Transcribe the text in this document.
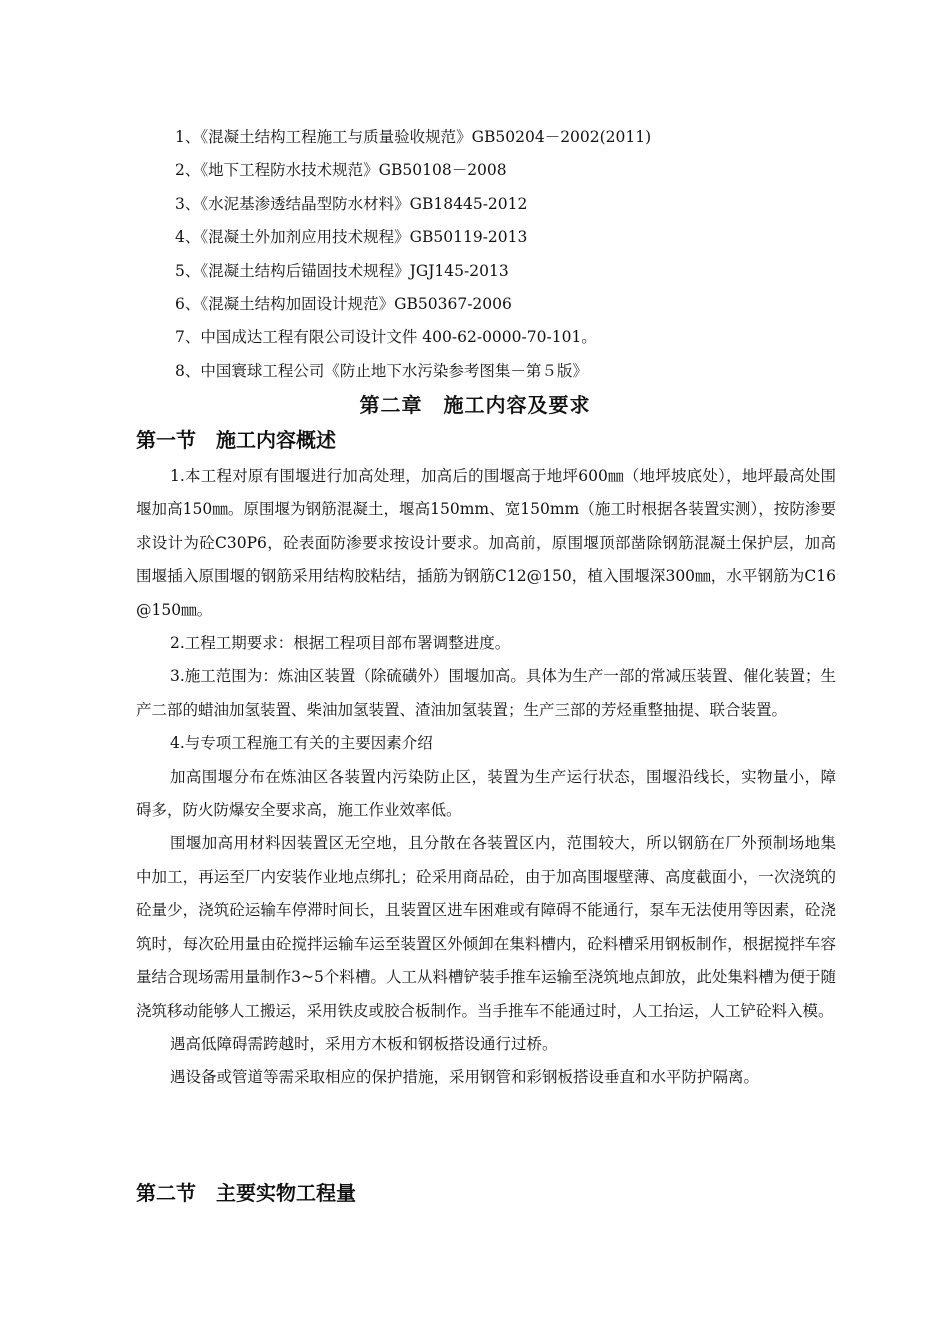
1、《混凝土结构工程施工与质量验收规范》GB50204－2002(2011)
2、《地下工程防水技术规范》GB50108－2008
3、《水泥基渗透结晶型防水材料》GB18445-2012
4、《混凝土外加剂应用技术规程》GB50119-2013
5、《混凝土结构后锚固技术规程》JGJ145-2013
6、《混凝土结构加固设计规范》GB50367-2006
7、中国成达工程有限公司设计文件 400-62-0000-70-101。
8、中国寰球工程公司《防止地下水污染参考图集－第５版》
第二章　施工内容及要求
第一节　施工内容概述

1.本工程对原有围堰进行加高处理，加高后的围堰高于地坪600㎜（地坪坡底处），地坪最高处围堰加高150㎜。原围堰为钢筋混凝土，堰高150mm、宽150mm（施工时根据各装置实测），按防渗要求设计为砼C30P6，砼表面防渗要求按设计要求。加高前，原围堰顶部凿除钢筋混凝土保护层，加高围堰插入原围堰的钢筋采用结构胶粘结，插筋为钢筋C12@150，植入围堰深300㎜，水平钢筋为C16@150㎜。

2.工程工期要求：根据工程项目部布署调整进度。

3.施工范围为：炼油区装置（除硫磺外）围堰加高。具体为生产一部的常减压装置、催化装置；生产二部的蜡油加氢装置、柴油加氢装置、渣油加氢装置；生产三部的芳烃重整抽提、联合装置。

4.与专项工程施工有关的主要因素介绍

加高围堰分布在炼油区各装置内污染防止区，装置为生产运行状态，围堰沿线长，实物量小，障碍多，防火防爆安全要求高，施工作业效率低。

围堰加高用材料因装置区无空地，且分散在各装置区内，范围较大，所以钢筋在厂外预制场地集中加工，再运至厂内安装作业地点绑扎；砼采用商品砼，由于加高围堰壁薄、高度截面小，一次浇筑的砼量少，浇筑砼运输车停滞时间长，且装置区进车困难或有障碍不能通行，泵车无法使用等因素，砼浇筑时，每次砼用量由砼搅拌运输车运至装置区外倾卸在集料槽内，砼料槽采用钢板制作，根据搅拌车容量结合现场需用量制作3~5个料槽。人工从料槽铲装手推车运输至浇筑地点卸放，此处集料槽为便于随浇筑移动能够人工搬运，采用铁皮或胶合板制作。当手推车不能通过时，人工抬运，人工铲砼料入模。

遇高低障碍需跨越时，采用方木板和钢板搭设通行过桥。

遇设备或管道等需采取相应的保护措施，采用钢管和彩钢板搭设垂直和水平防护隔离。

第二节　主要实物工程量
